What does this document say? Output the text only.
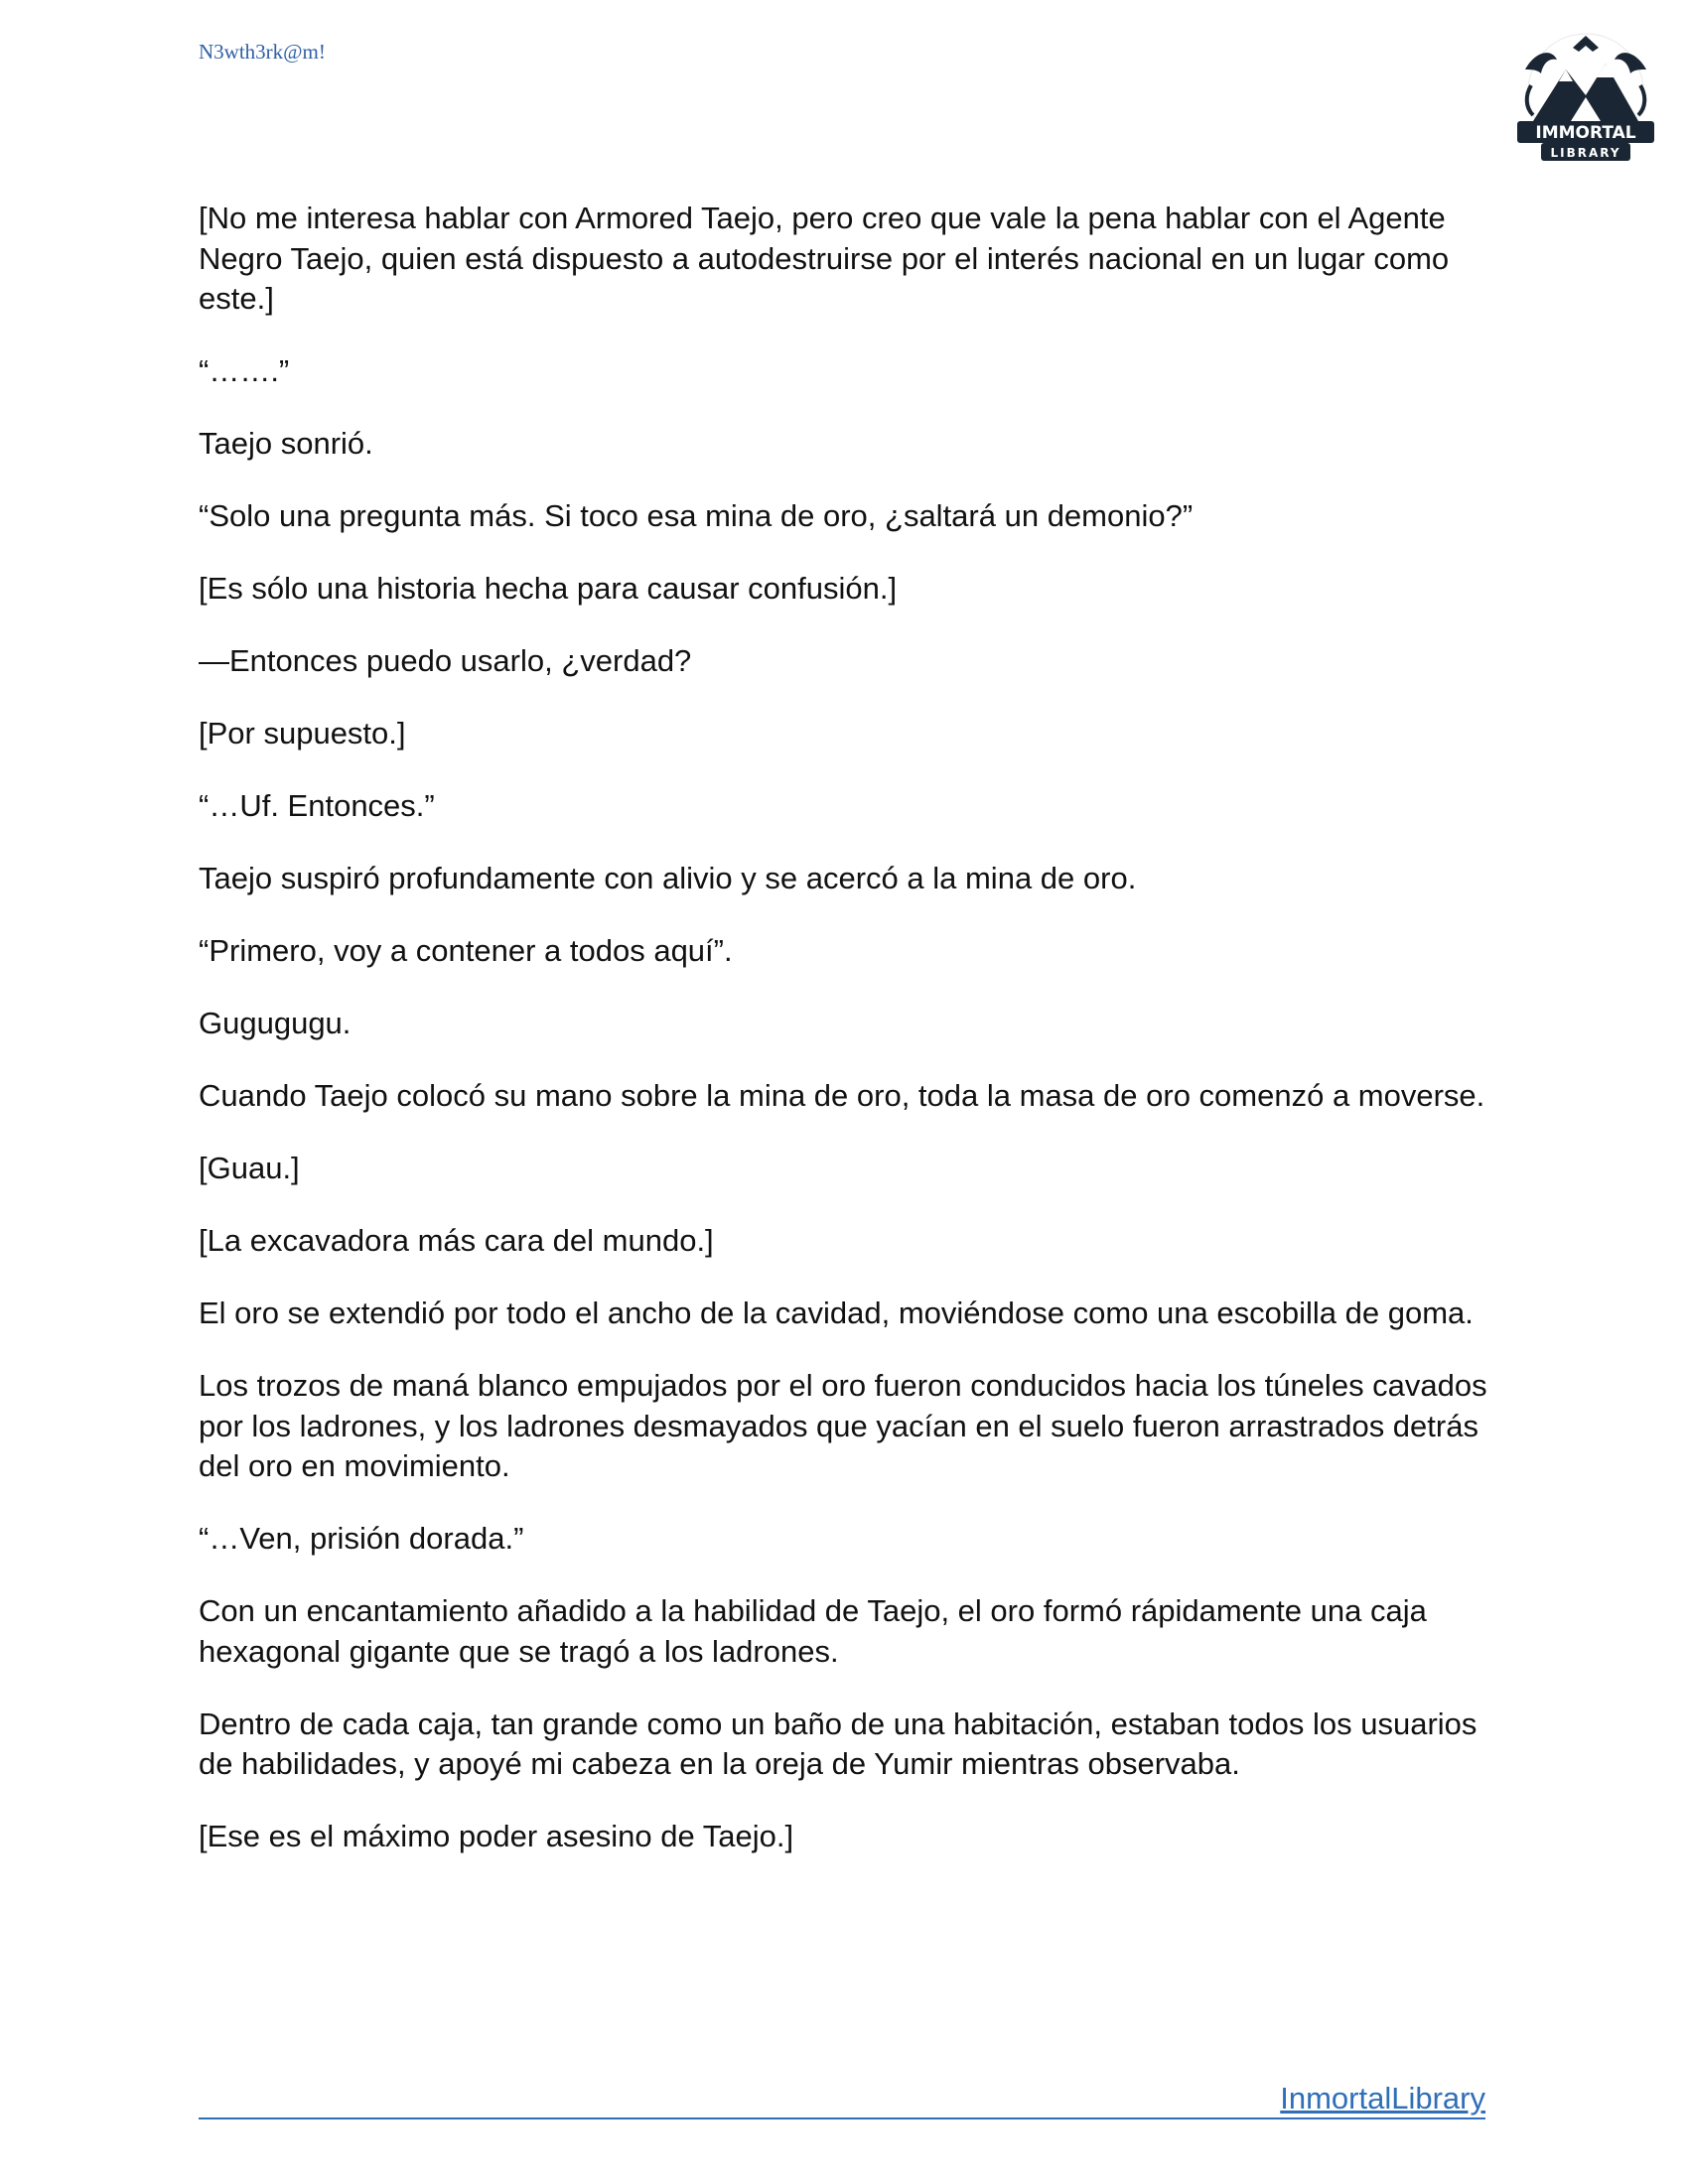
N3wth3rk@m!
IMMORTAL
LIBRARY

[No me interesa hablar con Armored Taejo, pero creo que vale la pena hablar con el Agente Negro Taejo, quien está dispuesto a autodestruirse por el interés nacional en un lugar como este.]

“…….”

Taejo sonrió.

“Solo una pregunta más. Si toco esa mina de oro, ¿saltará un demonio?”

[Es sólo una historia hecha para causar confusión.]

—Entonces puedo usarlo, ¿verdad?

[Por supuesto.]

“…Uf. Entonces.”

Taejo suspiró profundamente con alivio y se acercó a la mina de oro.

“Primero, voy a contener a todos aquí”.

Gugugugu.

Cuando Taejo colocó su mano sobre la mina de oro, toda la masa de oro comenzó a moverse.

[Guau.]

[La excavadora más cara del mundo.]

El oro se extendió por todo el ancho de la cavidad, moviéndose como una escobilla de goma.

Los trozos de maná blanco empujados por el oro fueron conducidos hacia los túneles cavados por los ladrones, y los ladrones desmayados que yacían en el suelo fueron arrastrados detrás del oro en movimiento.

“…Ven, prisión dorada.”

Con un encantamiento añadido a la habilidad de Taejo, el oro formó rápidamente una caja hexagonal gigante que se tragó a los ladrones.

Dentro de cada caja, tan grande como un baño de una habitación, estaban todos los usuarios de habilidades, y apoyé mi cabeza en la oreja de Yumir mientras observaba.

[Ese es el máximo poder asesino de Taejo.]

InmortalLibrary
